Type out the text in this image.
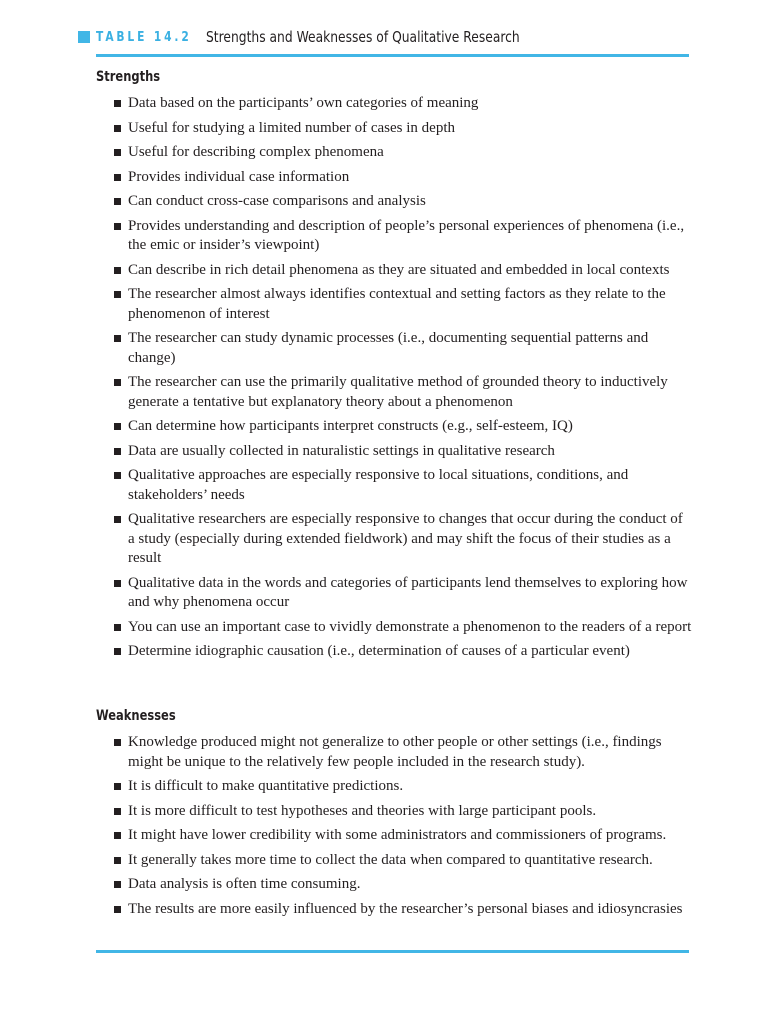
TABLE 14.2 Strengths and Weaknesses of Qualitative Research
Strengths
Data based on the participants’ own categories of meaning
Useful for studying a limited number of cases in depth
Useful for describing complex phenomena
Provides individual case information
Can conduct cross-case comparisons and analysis
Provides understanding and description of people’s personal experiences of phenomena (i.e., the emic or insider’s viewpoint)
Can describe in rich detail phenomena as they are situated and embedded in local contexts
The researcher almost always identifies contextual and setting factors as they relate to the phenomenon of interest
The researcher can study dynamic processes (i.e., documenting sequential patterns and change)
The researcher can use the primarily qualitative method of grounded theory to inductively generate a tentative but explanatory theory about a phenomenon
Can determine how participants interpret constructs (e.g., self-esteem, IQ)
Data are usually collected in naturalistic settings in qualitative research
Qualitative approaches are especially responsive to local situations, conditions, and stakeholders’ needs
Qualitative researchers are especially responsive to changes that occur during the conduct of a study (especially during extended fieldwork) and may shift the focus of their studies as a result
Qualitative data in the words and categories of participants lend themselves to exploring how and why phenomena occur
You can use an important case to vividly demonstrate a phenomenon to the readers of a report
Determine idiographic causation (i.e., determination of causes of a particular event)
Weaknesses
Knowledge produced might not generalize to other people or other settings (i.e., findings might be unique to the relatively few people included in the research study).
It is difficult to make quantitative predictions.
It is more difficult to test hypotheses and theories with large participant pools.
It might have lower credibility with some administrators and commissioners of programs.
It generally takes more time to collect the data when compared to quantitative research.
Data analysis is often time consuming.
The results are more easily influenced by the researcher’s personal biases and idiosyncrasies
